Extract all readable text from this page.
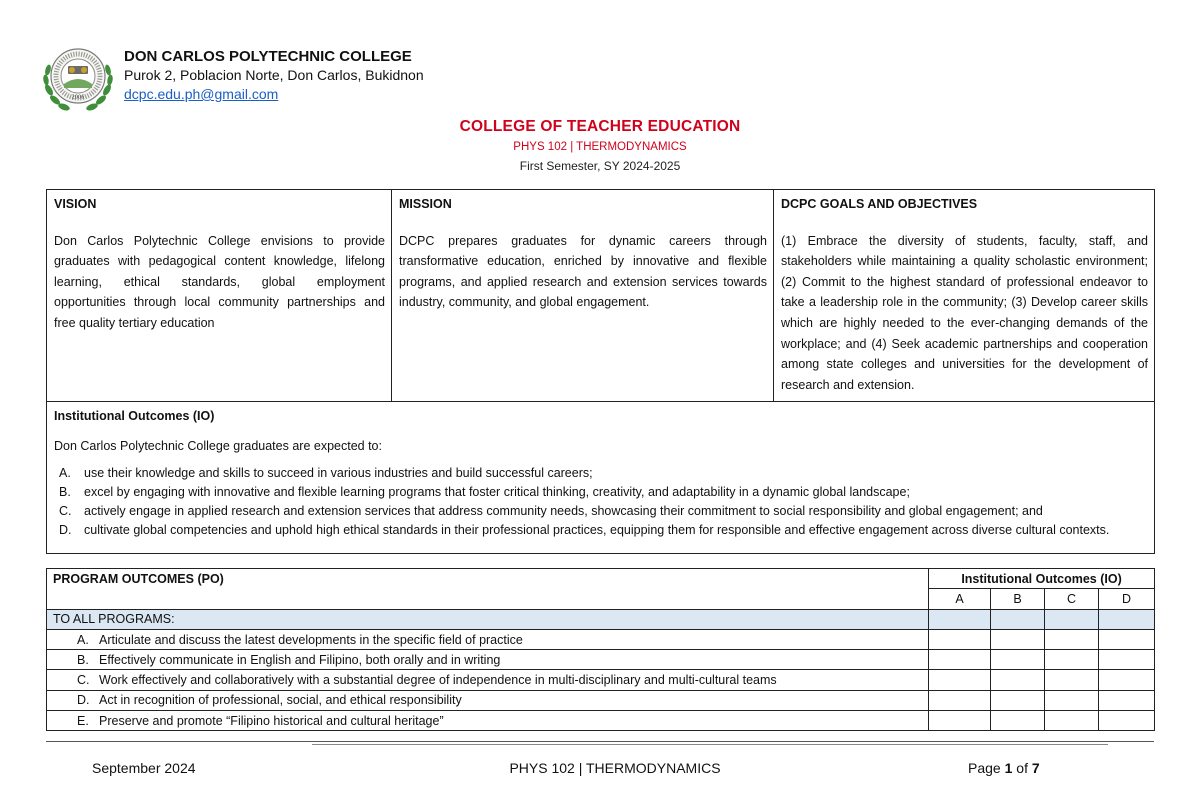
2006
DON CARLOS POLYTECHNIC COLLEGE
Purok 2, Poblacion Norte, Don Carlos, Bukidnon
dcpc.edu.ph@gmail.com
COLLEGE OF TEACHER EDUCATION
PHYS 102 | THERMODYNAMICS
First Semester, SY 2024-2025
VISION
Don Carlos Polytechnic College envisions to provide graduates with pedagogical content knowledge, lifelong learning, ethical standards, global employment opportunities through local community partnerships and free quality tertiary education

MISSION
DCPC prepares graduates for dynamic careers through transformative education, enriched by innovative and flexible programs, and applied research and extension services towards industry, community, and global engagement.

DCPC GOALS AND OBJECTIVES
(1) Embrace the diversity of students, faculty, staff, and stakeholders while maintaining a quality scholastic environment; (2) Commit to the highest standard of professional endeavor to take a leadership role in the community; (3) Develop career skills which are highly needed to the ever-changing demands of the workplace; and (4) Seek academic partnerships and cooperation among state colleges and universities for the development of research and extension.

Institutional Outcomes (IO)
Don Carlos Polytechnic College graduates are expected to:
A. use their knowledge and skills to succeed in various industries and build successful careers;
B. excel by engaging with innovative and flexible learning programs that foster critical thinking, creativity, and adaptability in a dynamic global landscape;
C. actively engage in applied research and extension services that address community needs, showcasing their commitment to social responsibility and global engagement; and
D. cultivate global competencies and uphold high ethical standards in their professional practices, equipping them for responsible and effective engagement across diverse cultural contexts.
PROGRAM OUTCOMES (PO)	Institutional Outcomes (IO)			
	A	B	C	D
TO ALL PROGRAMS:				

A. Articulate and discuss the latest developments in the specific field of practice				

B. Effectively communicate in English and Filipino, both orally and in writing				

C. Work effectively and collaboratively with a substantial degree of independence in multi-disciplinary and multi-cultural teams				

D. Act in recognition of professional, social, and ethical responsibility				

E. Preserve and promote “Filipino historical and cultural heritage”				
September 2024	PHYS 102 | THERMODYNAMICS	Page 1 of 7
